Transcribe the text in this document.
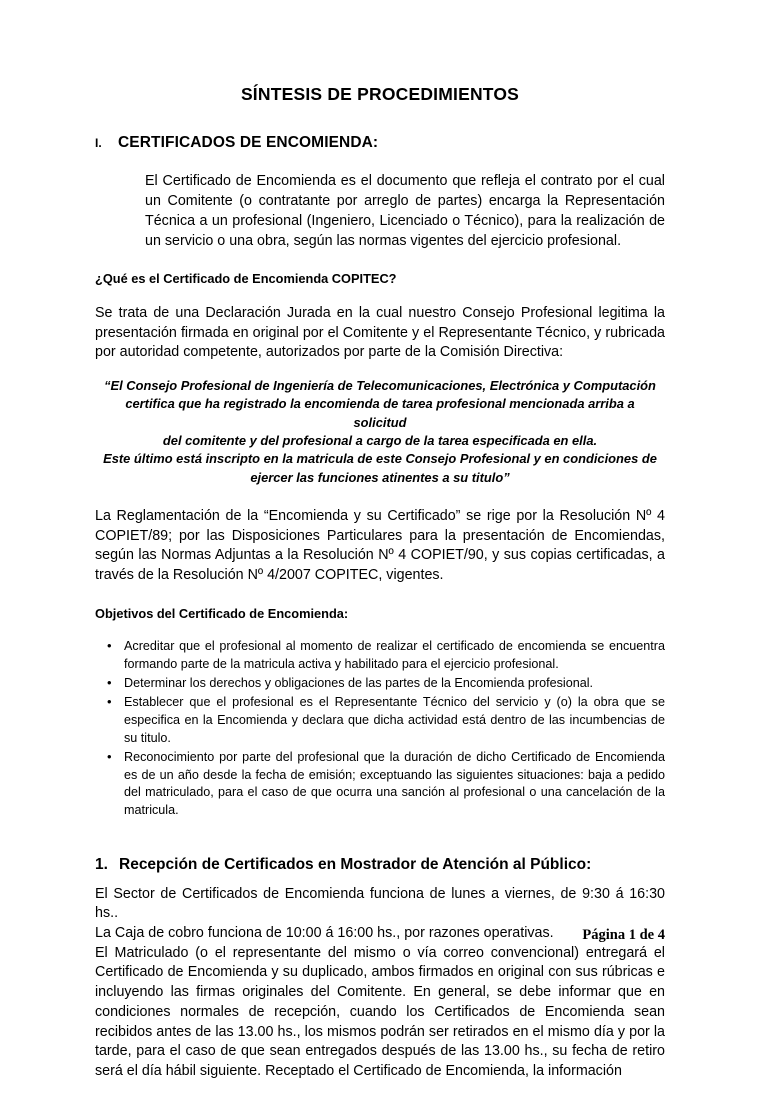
SÍNTESIS DE PROCEDIMIENTOS
I.	CERTIFICADOS DE ENCOMIENDA:

El Certificado de Encomienda es el documento que refleja el contrato por el cual un Comitente (o contratante por arreglo de partes) encarga la Representación Técnica a un profesional (Ingeniero, Licenciado o Técnico), para la realización de un servicio o una obra, según las normas vigentes del ejercicio profesional.

¿Qué es el Certificado de Encomienda COPITEC?

Se trata de una Declaración Jurada en la cual nuestro Consejo Profesional legitima la presentación firmada en original por el Comitente y el Representante Técnico, y rubricada por autoridad competente, autorizados por parte de la Comisión Directiva:

“El Consejo Profesional de Ingeniería de Telecomunicaciones, Electrónica y Computación
certifica que ha registrado la encomienda de tarea profesional mencionada arriba a solicitud
del comitente y del profesional a cargo de la tarea especificada en ella.
Este último está inscripto en la matricula de este Consejo Profesional y en condiciones de
ejercer las funciones atinentes a su titulo”

La Reglamentación de la “Encomienda y su Certificado” se rige por la Resolución Nº 4 COPIET/89; por las Disposiciones Particulares para la presentación de Encomiendas, según las Normas Adjuntas a la Resolución Nº 4 COPIET/90, y sus copias certificadas, a través de la Resolución Nº 4/2007 COPITEC, vigentes.

Objetivos del Certificado de Encomienda:
• Acreditar que el profesional al momento de realizar el certificado de encomienda se encuentra formando parte de la matricula activa y habilitado para el ejercicio profesional.
• Determinar los derechos y obligaciones de las partes de la Encomienda profesional.
• Establecer que el profesional es el Representante Técnico del servicio y (o) la obra que se especifica en la Encomienda y declara que dicha actividad está dentro de las incumbencias de su titulo.
• Reconocimiento por parte del profesional que la duración de dicho Certificado de Encomienda es de un año desde la fecha de emisión; exceptuando las siguientes situaciones: baja a pedido del matriculado, para el caso de que ocurra una sanción al profesional o una cancelación de la matricula.
1. Recepción de Certificados en Mostrador de Atención al Público:

El Sector de Certificados de Encomienda funciona de lunes a viernes, de 9:30 á 16:30 hs..

La Caja de cobro funciona de 10:00 á 16:00 hs., por razones operativas.

El Matriculado (o el representante del mismo o vía correo convencional) entregará el Certificado de Encomienda y su duplicado, ambos firmados en original con sus rúbricas e incluyendo las firmas originales del Comitente. En general, se debe informar que en condiciones normales de recepción, cuando los Certificados de Encomienda sean recibidos antes de las 13.00 hs., los mismos podrán ser retirados en el mismo día y por la tarde, para el caso de que sean entregados después de las 13.00 hs., su fecha de retiro será el día hábil siguiente. Receptado el Certificado de Encomienda, la información

Página 1 de 4
